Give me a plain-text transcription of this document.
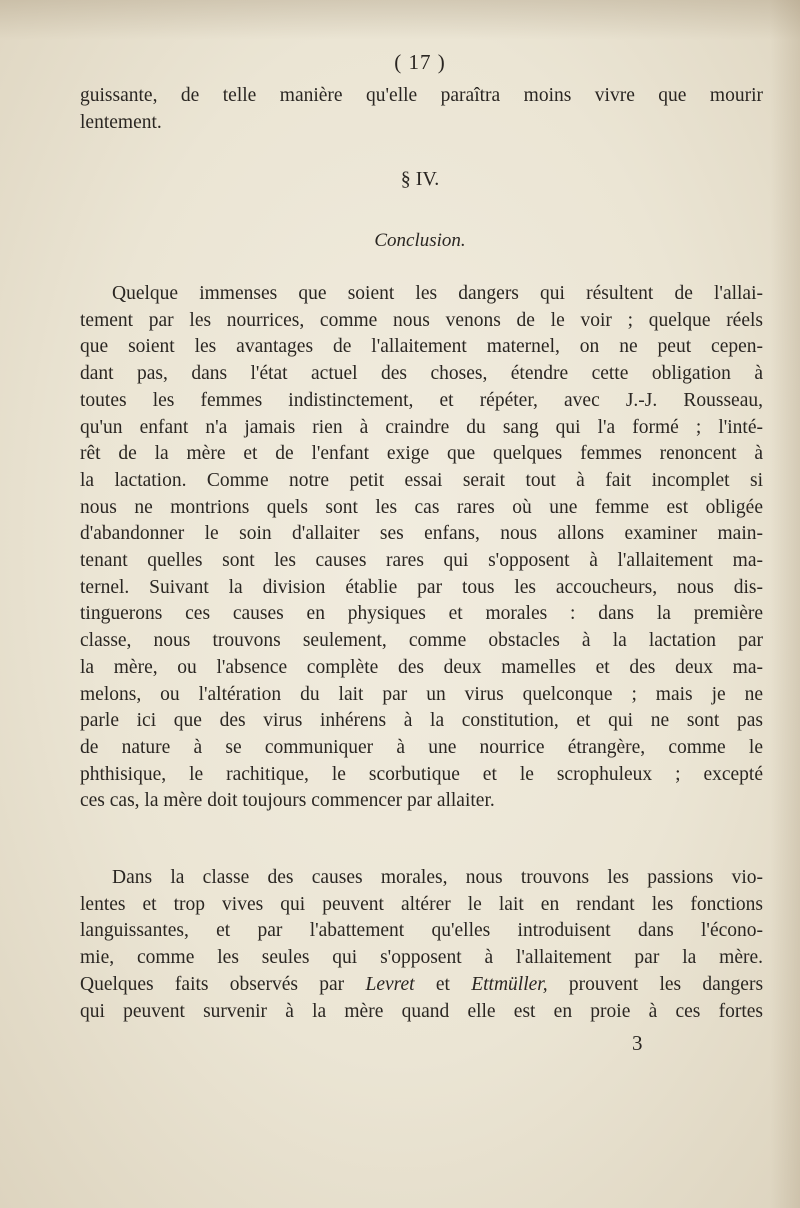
( 17 )
guissante, de telle manière qu'elle paraîtra moins vivre que mourir
lentement.
§ IV.
Conclusion.
Quelque immenses que soient les dangers qui résultent de l'allai-
tement par les nourrices, comme nous venons de le voir ; quelque réels
que soient les avantages de l'allaitement maternel, on ne peut cepen-
dant pas, dans l'état actuel des choses, étendre cette obligation à
toutes les femmes indistinctement, et répéter, avec J.-J. Rousseau,
qu'un enfant n'a jamais rien à craindre du sang qui l'a formé ; l'inté-
rêt de la mère et de l'enfant exige que quelques femmes renoncent à
la lactation. Comme notre petit essai serait tout à fait incomplet si
nous ne montrions quels sont les cas rares où une femme est obligée
d'abandonner le soin d'allaiter ses enfans, nous allons examiner main-
tenant quelles sont les causes rares qui s'opposent à l'allaitement ma-
ternel. Suivant la division établie par tous les accoucheurs, nous dis-
tinguerons ces causes en physiques et morales : dans la première
classe, nous trouvons seulement, comme obstacles à la lactation par
la mère, ou l'absence complète des deux mamelles et des deux ma-
melons, ou l'altération du lait par un virus quelconque ; mais je ne
parle ici que des virus inhérens à la constitution, et qui ne sont pas
de nature à se communiquer à une nourrice étrangère, comme le
phthisique, le rachitique, le scorbutique et le scrophuleux ; excepté
ces cas, la mère doit toujours commencer par allaiter.
Dans la classe des causes morales, nous trouvons les passions vio-
lentes et trop vives qui peuvent altérer le lait en rendant les fonctions
languissantes, et par l'abattement qu'elles introduisent dans l'écono-
mie, comme les seules qui s'opposent à l'allaitement par la mère.
Quelques faits observés par Levret et Ettmüller, prouvent les dangers
qui peuvent survenir à la mère quand elle est en proie à ces fortes
3
